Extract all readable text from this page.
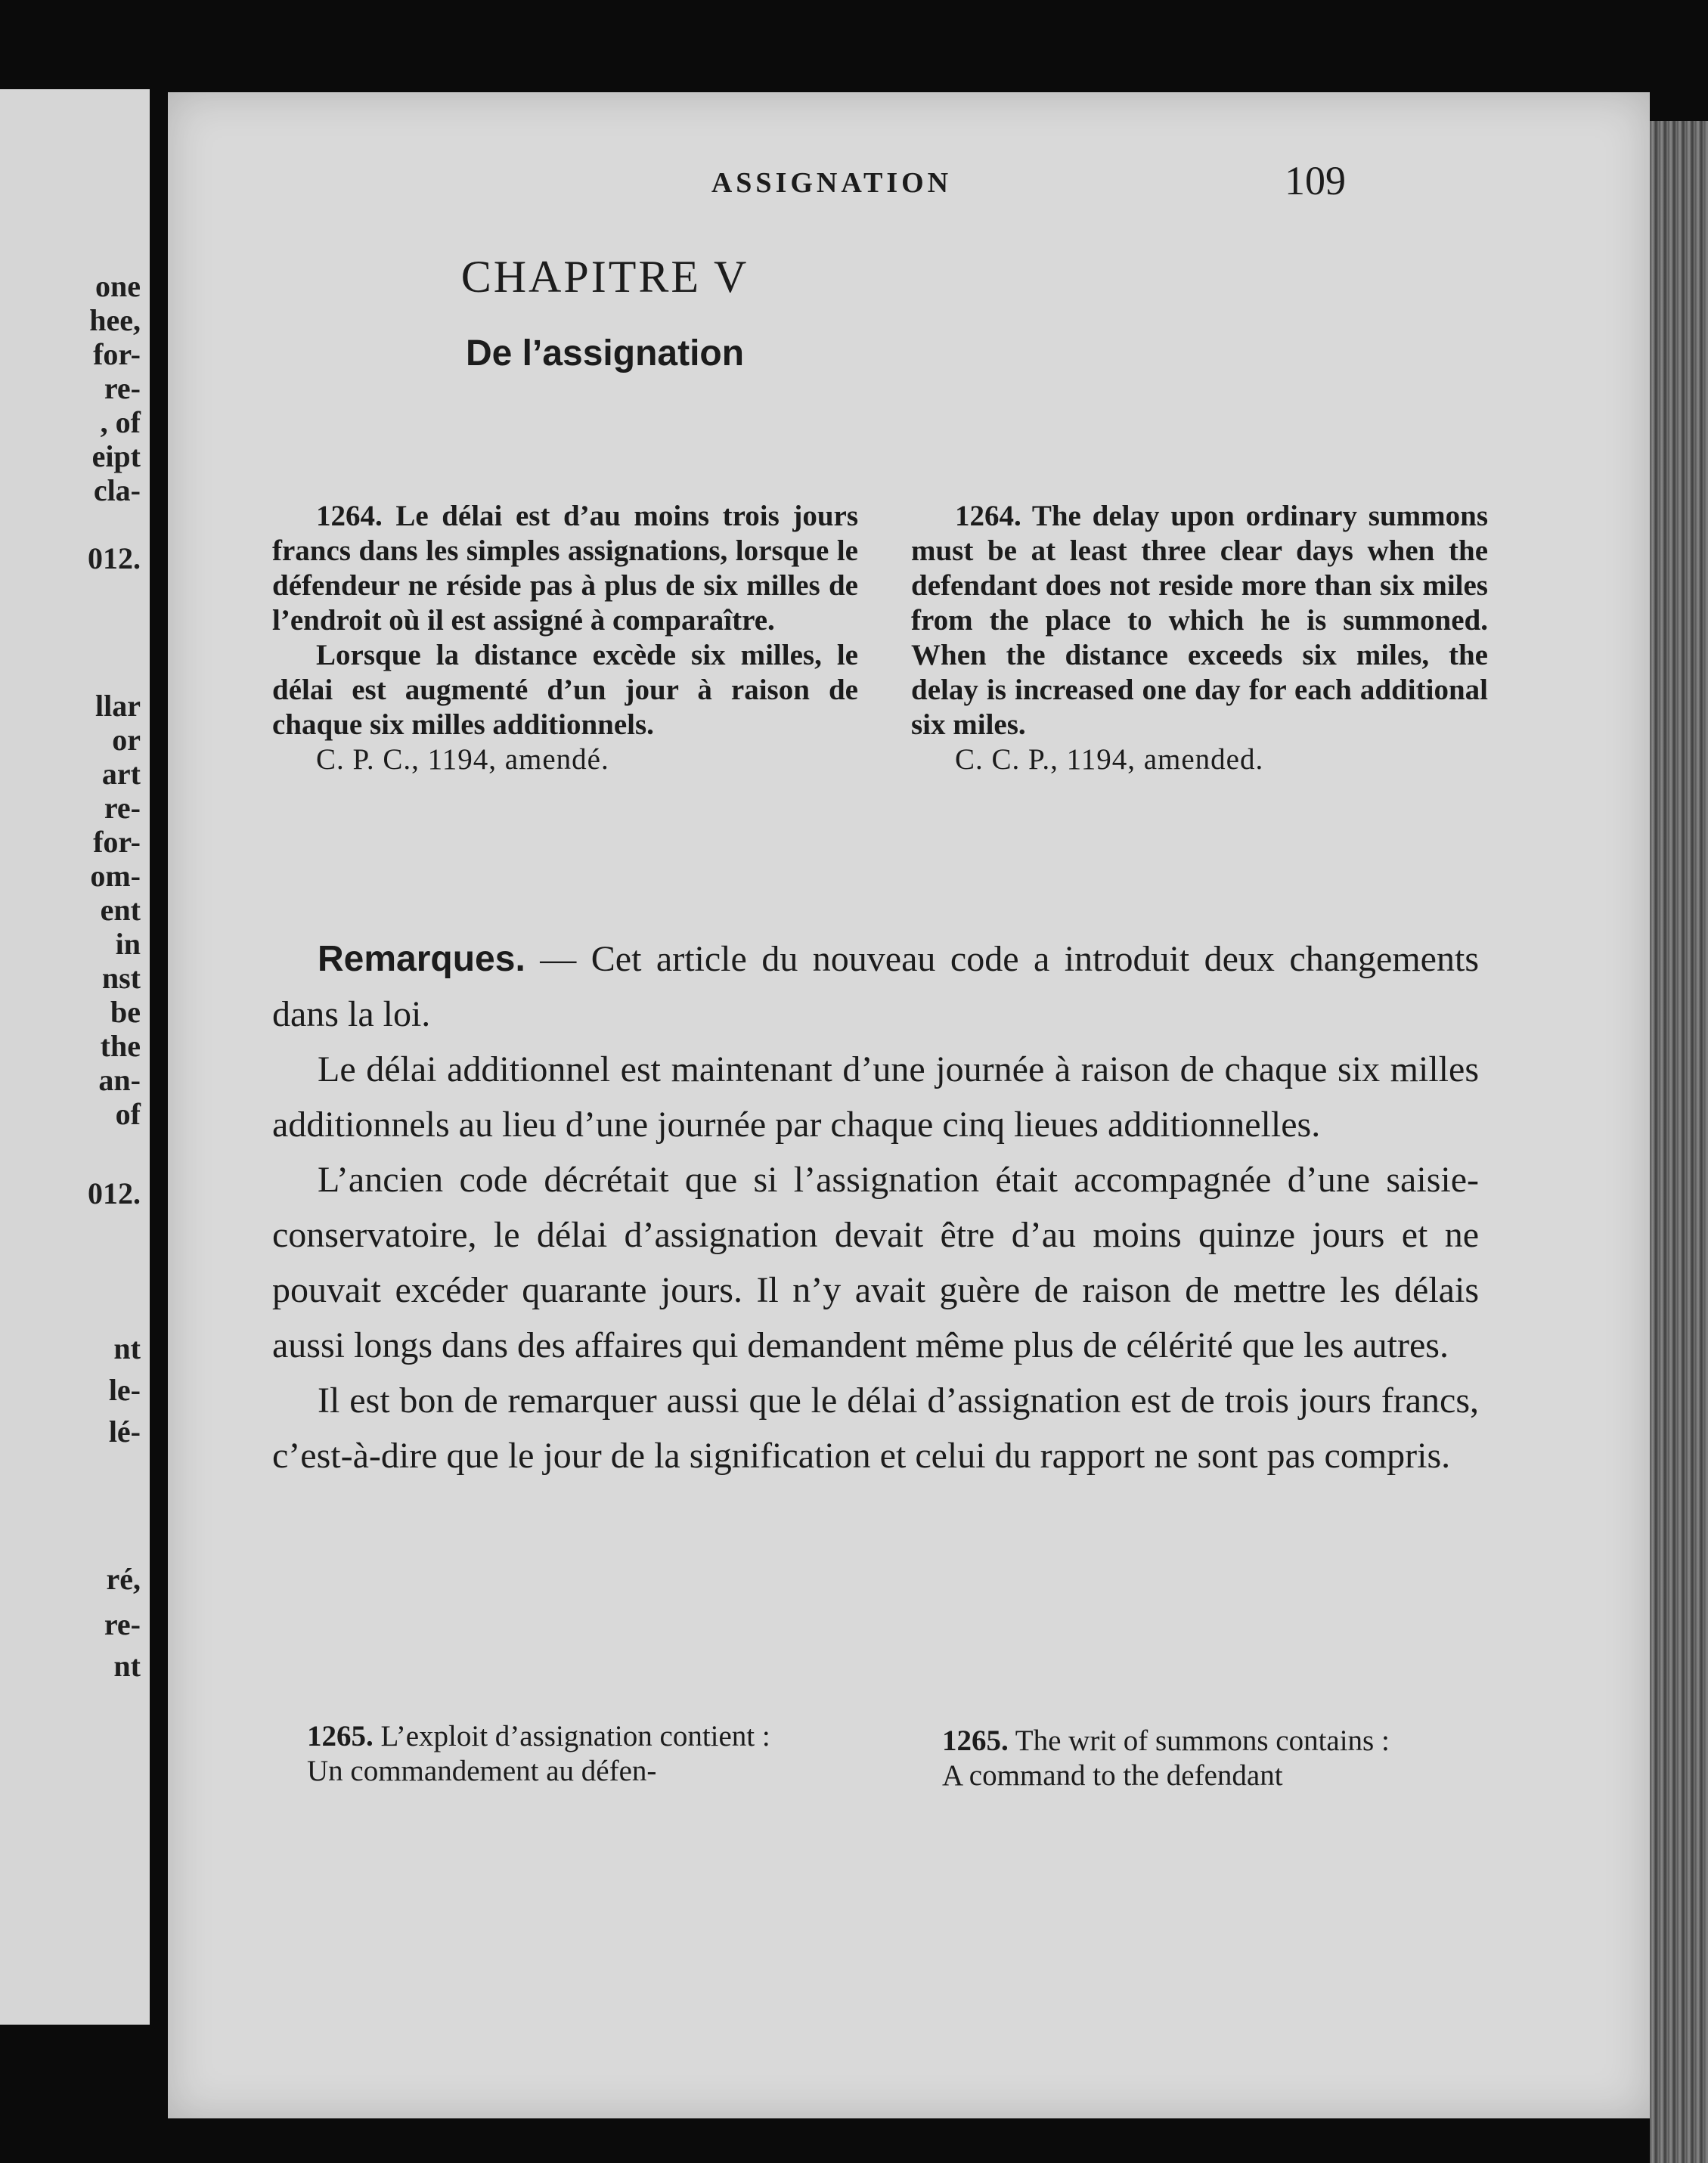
one
hee,
for-
re-
, of
eipt
cla-
012.
llar
or
art
re-
for-
om-
ent
in
nst
be
the
an-
of
012.
nt
le-
lé-
ré,
re-
nt
ASSIGNATION	109
CHAPITRE V
De l’assignation

1264. Le délai est d’au moins trois jours francs dans les simples assignations, lorsque le défendeur ne réside pas à plus de six milles de l’endroit où il est assigné à comparaître.

Lorsque la distance excède six milles, le délai est augmenté d’un jour à raison de chaque six milles additionnels.

C. P. C., 1194, amendé.

1264. The delay upon ordinary summons must be at least three clear days when the defendant does not reside more than six miles from the place to which he is summoned. When the distance exceeds six miles, the delay is increased one day for each additional six miles.

C. C. P., 1194, amended.

Remarques. — Cet article du nouveau code a introduit deux changements dans la loi.

Le délai additionnel est maintenant d’une journée à raison de chaque six milles additionnels au lieu d’une journée par chaque cinq lieues additionnelles.

L’ancien code décrétait que si l’assignation était accompagnée d’une saisie-conservatoire, le délai d’assignation devait être d’au moins quinze jours et ne pouvait excéder quarante jours. Il n’y avait guère de raison de mettre les délais aussi longs dans des affaires qui demandent même plus de célérité que les autres.

Il est bon de remarquer aussi que le délai d’assignation est de trois jours francs, c’est-à-dire que le jour de la signification et celui du rapport ne sont pas compris.

1265. L’exploit d’assignation contient :

Un commandement au défen-

1265. The writ of summons contains :

A command to the defendant
